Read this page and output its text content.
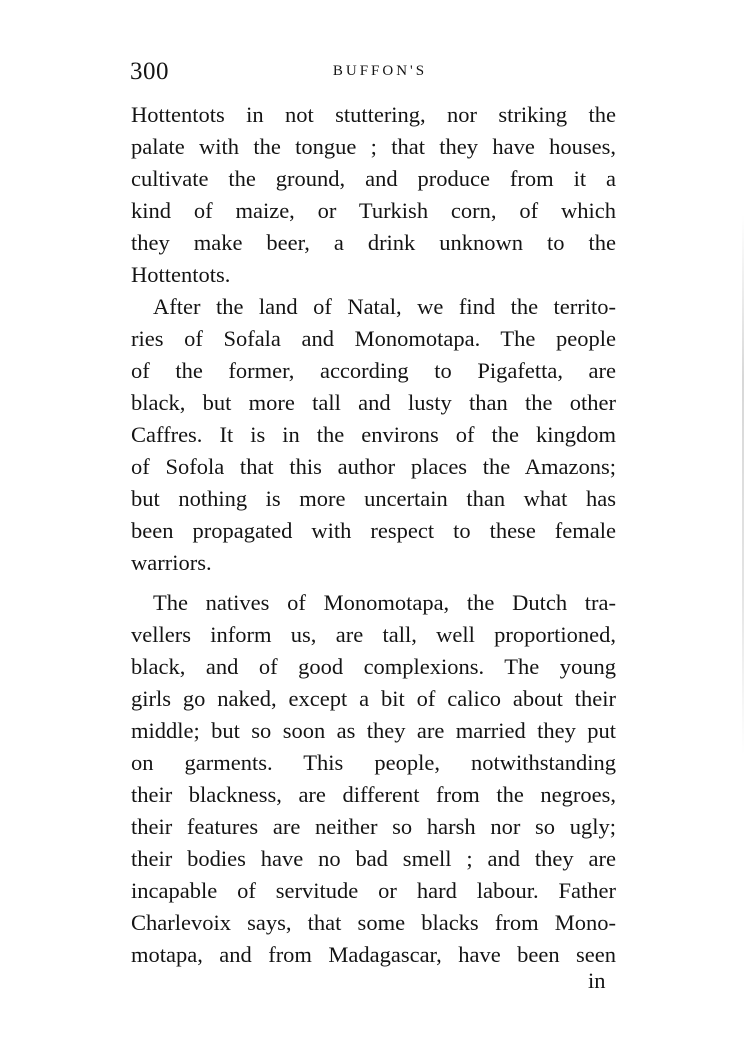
300	BUFFON'S

Hottentots in not stuttering, nor striking the
palate with the tongue ; that they have houses,
cultivate the ground, and produce from it a
kind of maize, or Turkish corn, of which
they make beer, a drink unknown to the
Hottentots.

After the land of Natal, we find the territo-
ries of Sofala and Monomotapa. The people
of the former, according to Pigafetta, are
black, but more tall and lusty than the other
Caffres. It is in the environs of the kingdom
of Sofola that this author places the Amazons;
but nothing is more uncertain than what has
been propagated with respect to these female
warriors.

The natives of Monomotapa, the Dutch tra-
vellers inform us, are tall, well proportioned,
black, and of good complexions. The young
girls go naked, except a bit of calico about their
middle; but so soon as they are married they put
on garments. This people, notwithstanding
their blackness, are different from the negroes,
their features are neither so harsh nor so ugly;
their bodies have no bad smell ; and they are
incapable of servitude or hard labour. Father
Charlevoix says, that some blacks from Mono-
motapa, and from Madagascar, have been seen

in
